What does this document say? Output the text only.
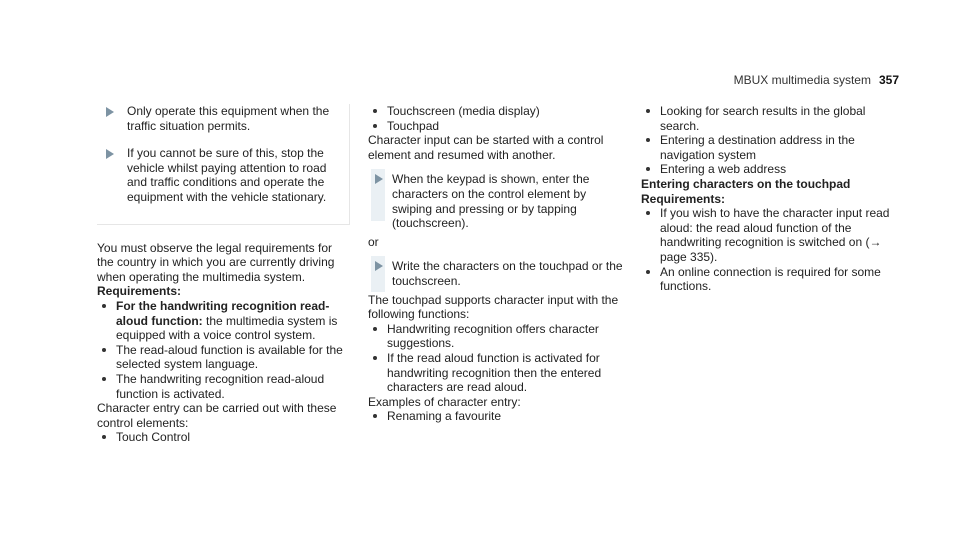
MBUX multimedia system 357
Only operate this equipment when the traffic situation permits.
If you cannot be sure of this, stop the vehicle whilst paying attention to road and traffic conditions and operate the equipment with the vehicle stationary.
You must observe the legal requirements for the country in which you are currently driving when operating the multimedia system.
Requirements:
For the handwriting recognition read-aloud function: the multimedia system is equipped with a voice control system.
The read-aloud function is available for the selected system language.
The handwriting recognition read-aloud function is activated.
Character entry can be carried out with these control elements:
Touch Control
Touchscreen (media display)
Touchpad
Character input can be started with a control element and resumed with another.
When the keypad is shown, enter the characters on the control element by swiping and pressing or by tapping (touchscreen).
or
Write the characters on the touchpad or the touchscreen.
The touchpad supports character input with the following functions:
Handwriting recognition offers character suggestions.
If the read aloud function is activated for handwriting recognition then the entered characters are read aloud.
Examples of character entry:
Renaming a favourite
Looking for search results in the global search.
Entering a destination address in the navigation system
Entering a web address
Entering characters on the touchpad
Requirements:
If you wish to have the character input read aloud: the read aloud function of the handwriting recognition is switched on (→ page 335).
An online connection is required for some functions.
